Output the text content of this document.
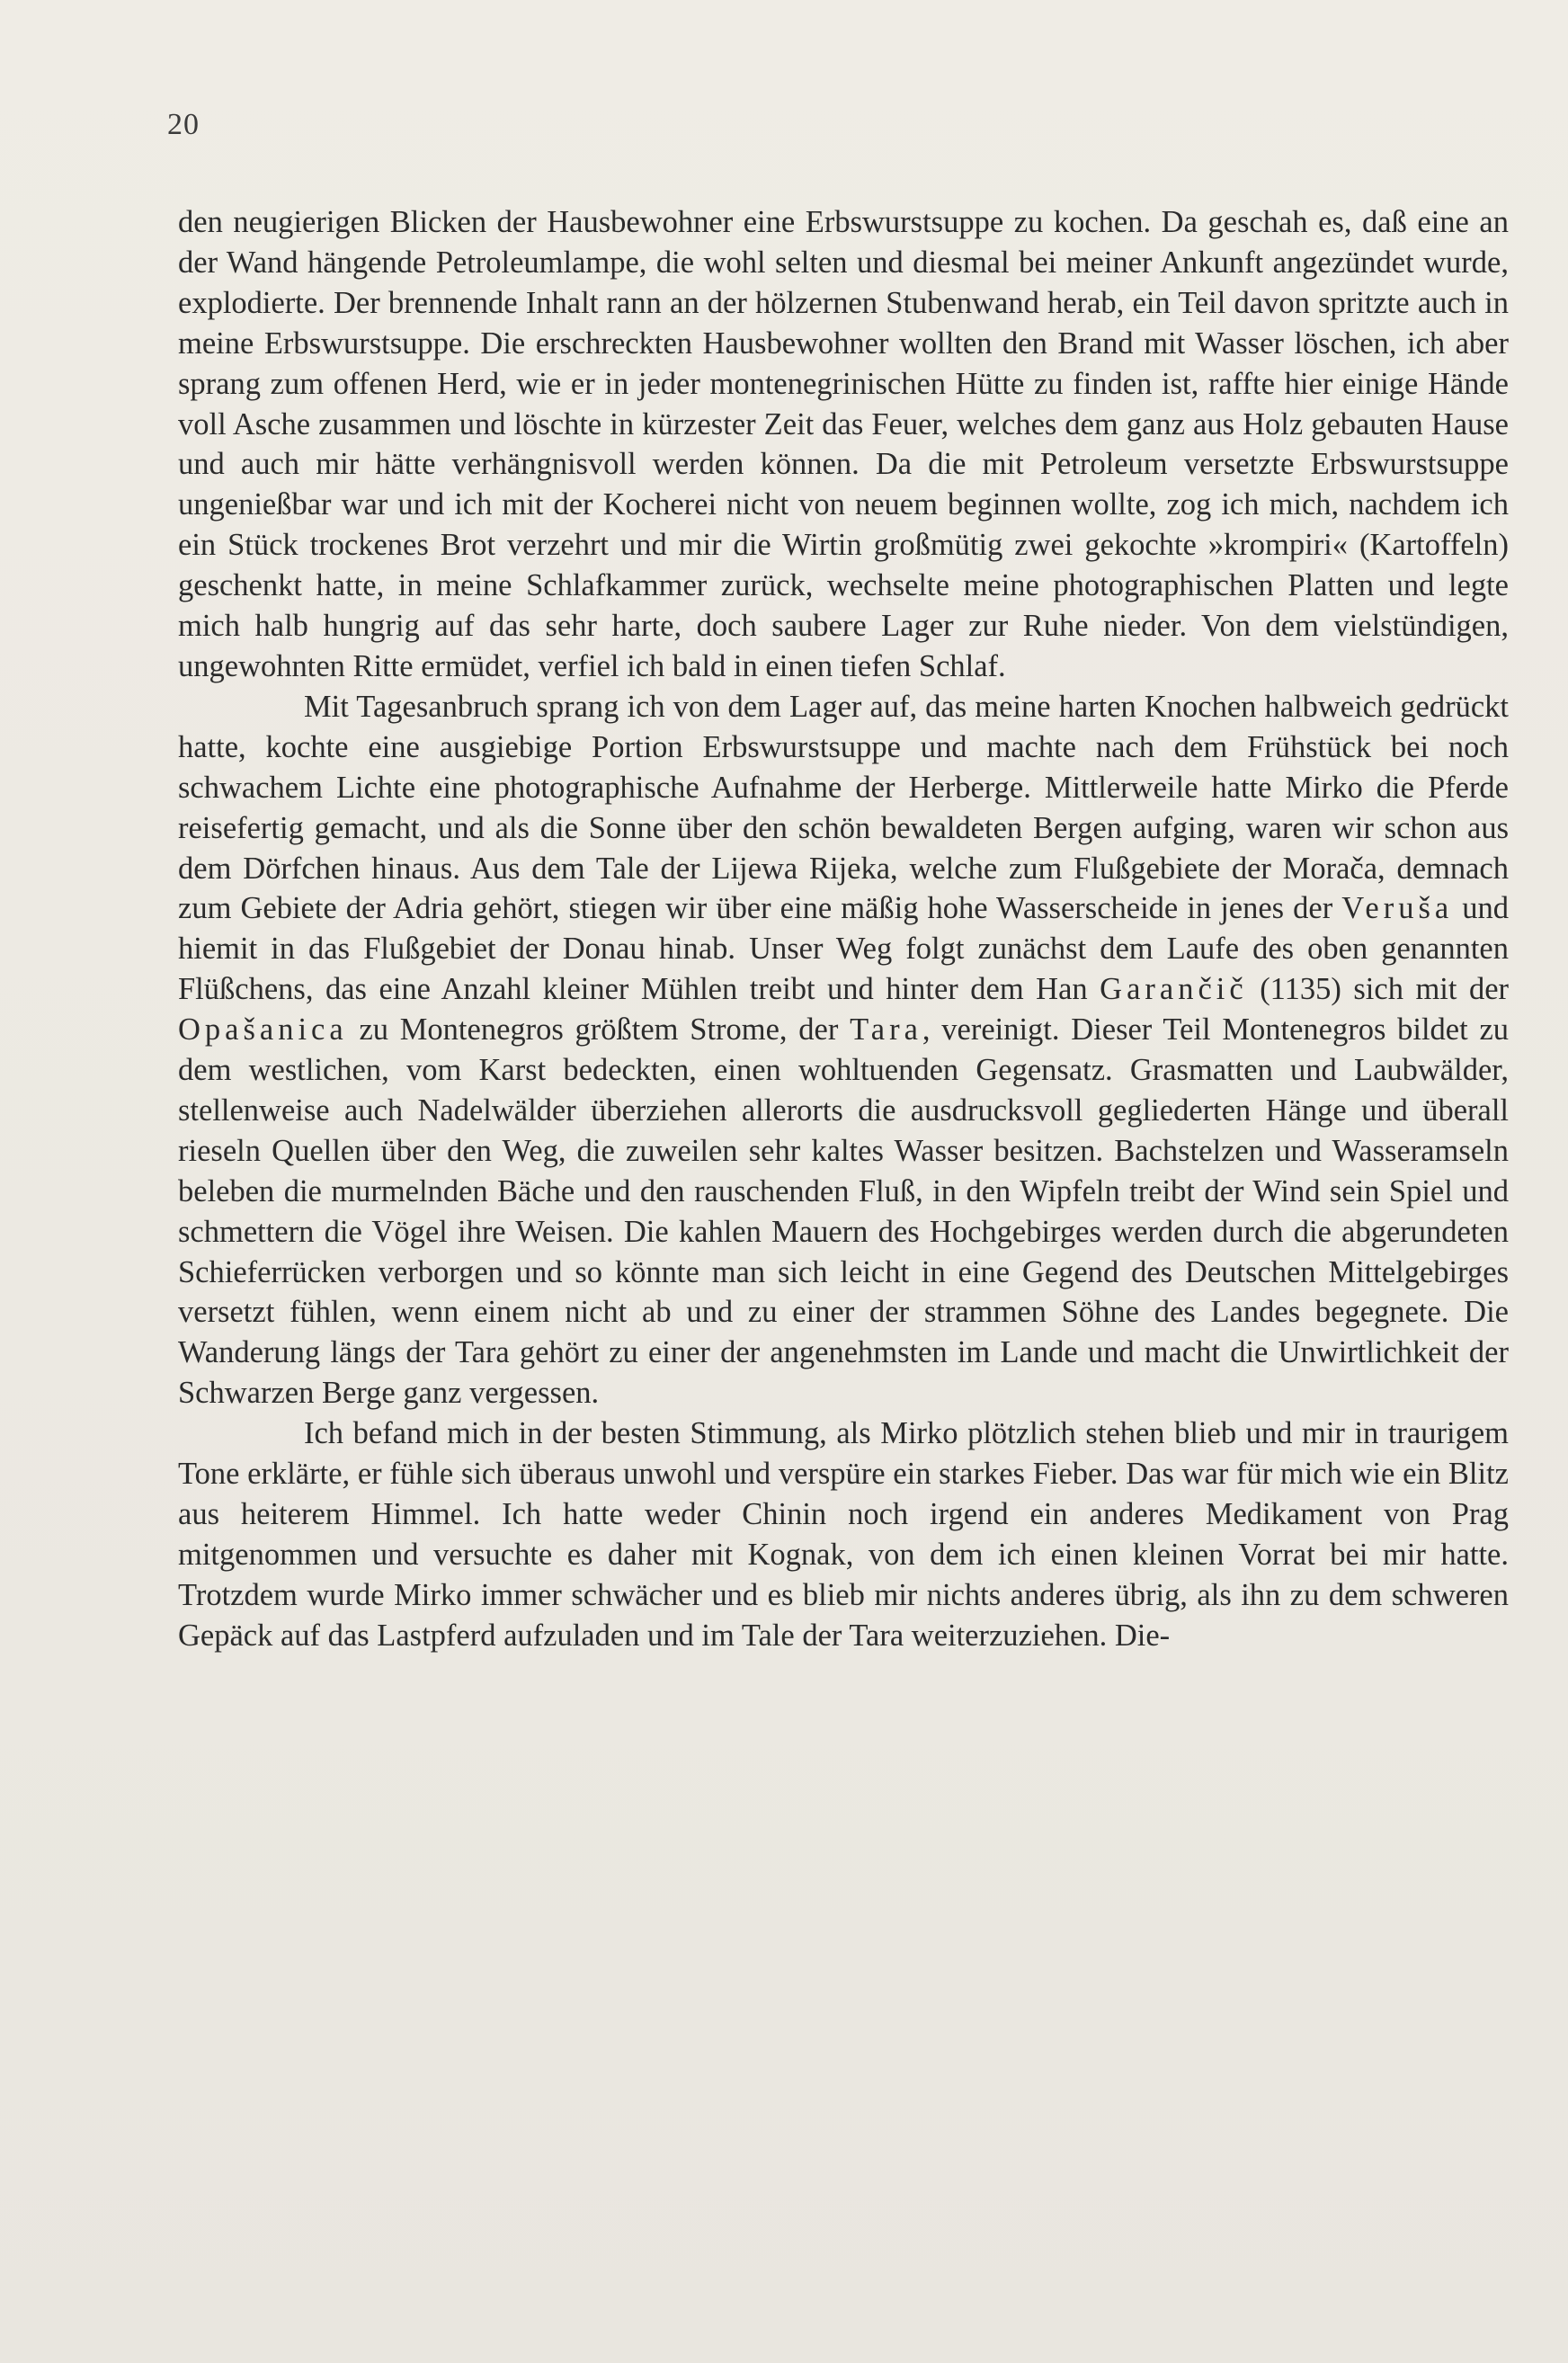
20

den neugierigen Blicken der Hausbewohner eine Erbswurstsuppe zu kochen. Da geschah es, daß eine an der Wand hängende Petroleumlampe, die wohl selten und diesmal bei meiner Ankunft angezündet wurde, explodierte. Der brennende Inhalt rann an der hölzernen Stubenwand herab, ein Teil davon spritzte auch in meine Erbswurstsuppe. Die erschreckten Hausbewohner wollten den Brand mit Wasser löschen, ich aber sprang zum offenen Herd, wie er in jeder montenegrinischen Hütte zu finden ist, raffte hier einige Hände voll Asche zusammen und löschte in kürzester Zeit das Feuer, welches dem ganz aus Holz gebauten Hause und auch mir hätte verhängnisvoll werden können. Da die mit Petroleum versetzte Erbswurstsuppe ungenießbar war und ich mit der Kocherei nicht von neuem beginnen wollte, zog ich mich, nachdem ich ein Stück trockenes Brot verzehrt und mir die Wirtin großmütig zwei gekochte »krompiri« (Kartoffeln) geschenkt hatte, in meine Schlafkammer zurück, wechselte meine photographischen Platten und legte mich halb hungrig auf das sehr harte, doch saubere Lager zur Ruhe nieder. Von dem vielstündigen, ungewohnten Ritte ermüdet, verfiel ich bald in einen tiefen Schlaf.

Mit Tagesanbruch sprang ich von dem Lager auf, das meine harten Knochen halbweich gedrückt hatte, kochte eine ausgiebige Portion Erbswurstsuppe und machte nach dem Frühstück bei noch schwachem Lichte eine photographische Aufnahme der Herberge. Mittlerweile hatte Mirko die Pferde reisefertig gemacht, und als die Sonne über den schön bewaldeten Bergen aufging, waren wir schon aus dem Dörfchen hinaus. Aus dem Tale der Lijewa Rijeka, welche zum Flußgebiete der Morača, demnach zum Gebiete der Adria gehört, stiegen wir über eine mäßig hohe Wasserscheide in jenes der Veruša und hiemit in das Flußgebiet der Donau hinab. Unser Weg folgt zunächst dem Laufe des oben genannten Flüßchens, das eine Anzahl kleiner Mühlen treibt und hinter dem Han Garančič (1135) sich mit der Opašanica zu Montenegros größtem Strome, der Tara, vereinigt. Dieser Teil Montenegros bildet zu dem westlichen, vom Karst bedeckten, einen wohltuenden Gegensatz. Grasmatten und Laubwälder, stellenweise auch Nadelwälder überziehen allerorts die ausdrucksvoll gegliederten Hänge und überall rieseln Quellen über den Weg, die zuweilen sehr kaltes Wasser besitzen. Bachstelzen und Wasseramseln beleben die murmelnden Bäche und den rauschenden Fluß, in den Wipfeln treibt der Wind sein Spiel und schmettern die Vögel ihre Weisen. Die kahlen Mauern des Hochgebirges werden durch die abgerundeten Schieferrücken verborgen und so könnte man sich leicht in eine Gegend des Deutschen Mittelgebirges versetzt fühlen, wenn einem nicht ab und zu einer der strammen Söhne des Landes begegnete. Die Wanderung längs der Tara gehört zu einer der angenehmsten im Lande und macht die Unwirtlichkeit der Schwarzen Berge ganz vergessen.

Ich befand mich in der besten Stimmung, als Mirko plötzlich stehen blieb und mir in traurigem Tone erklärte, er fühle sich überaus unwohl und verspüre ein starkes Fieber. Das war für mich wie ein Blitz aus heiterem Himmel. Ich hatte weder Chinin noch irgend ein anderes Medikament von Prag mitgenommen und versuchte es daher mit Kognak, von dem ich einen kleinen Vorrat bei mir hatte. Trotzdem wurde Mirko immer schwächer und es blieb mir nichts anderes übrig, als ihn zu dem schweren Gepäck auf das Lastpferd aufzuladen und im Tale der Tara weiterzuziehen. Die-
